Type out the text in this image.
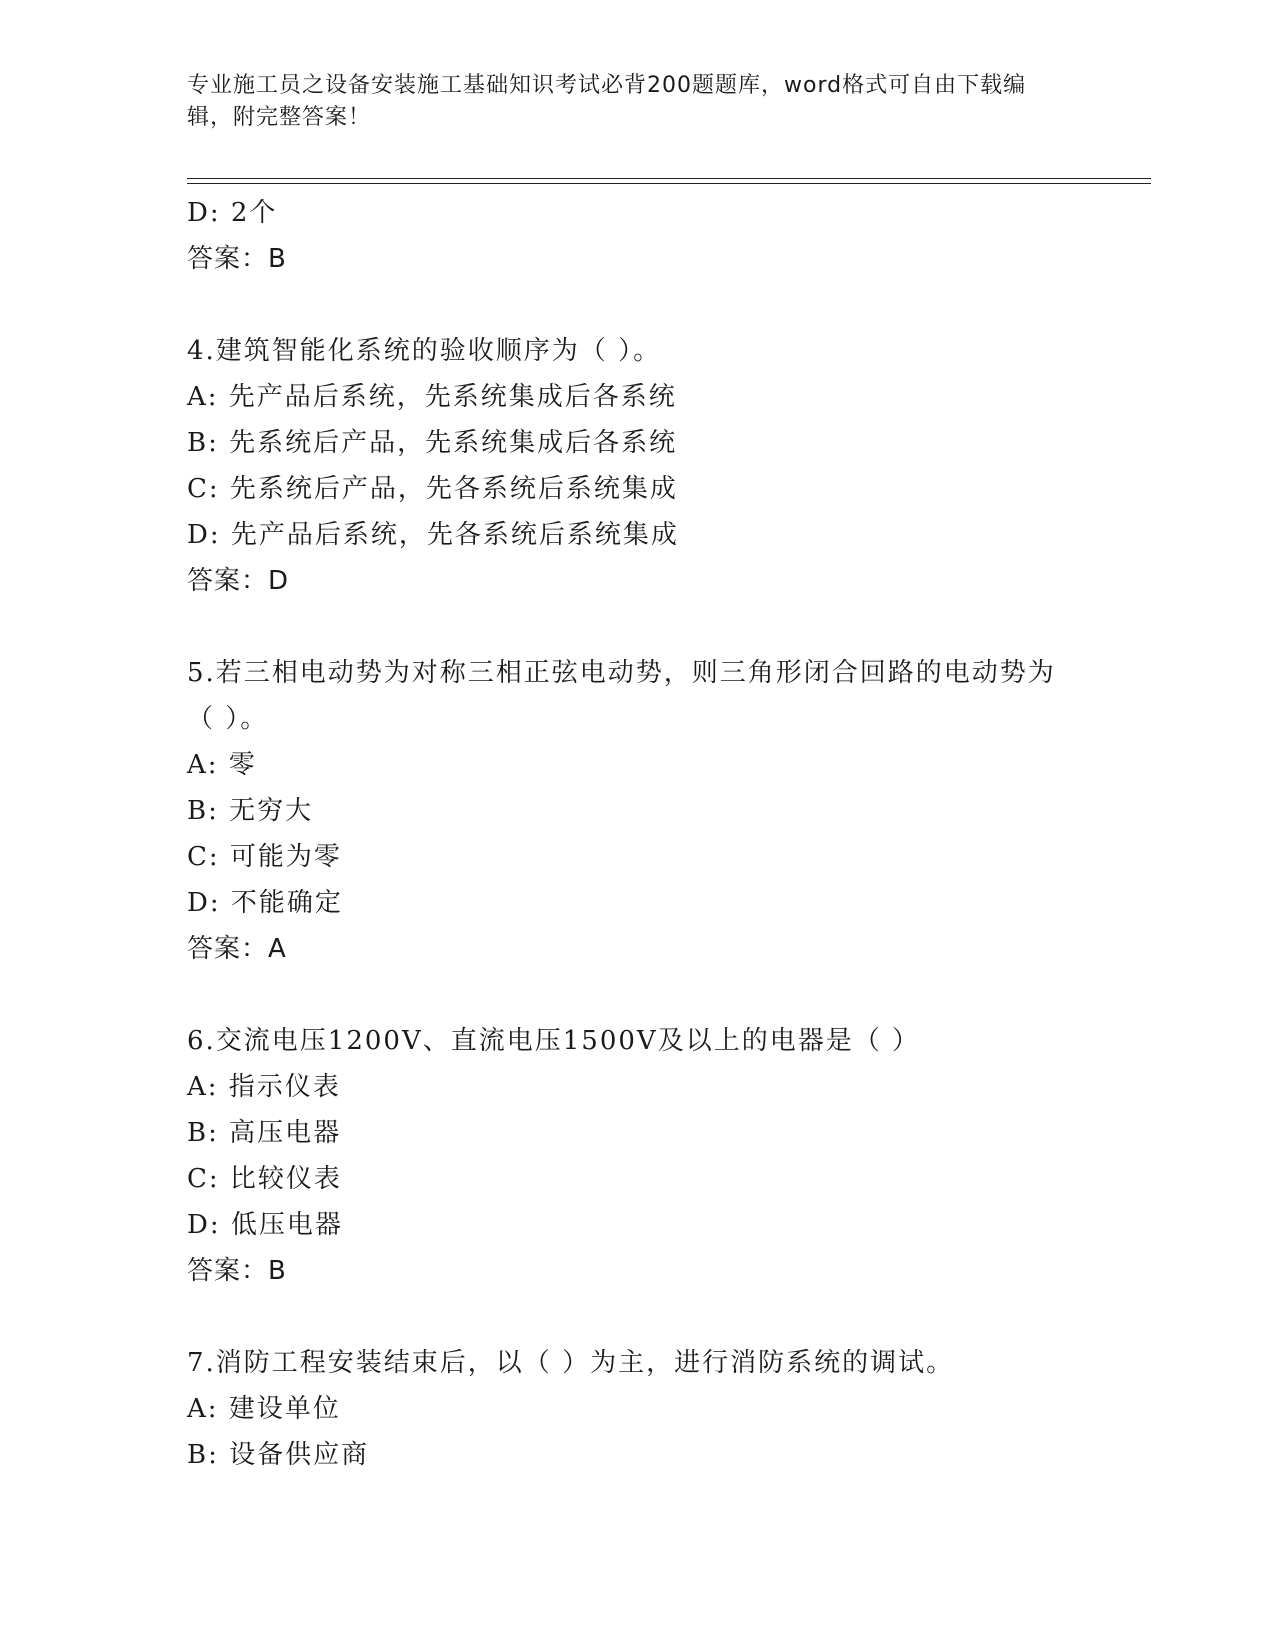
专业施工员之设备安装施工基础知识考试必背200题题库，word格式可自由下载编辑，附完整答案！
D: 2个
答案：B
4.建筑智能化系统的验收顺序为（ ）。
A: 先产品后系统，先系统集成后各系统
B: 先系统后产品，先系统集成后各系统
C: 先系统后产品，先各系统后系统集成
D: 先产品后系统，先各系统后系统集成
答案：D
5.若三相电动势为对称三相正弦电动势，则三角形闭合回路的电动势为（ ）。
A: 零
B: 无穷大
C: 可能为零
D: 不能确定
答案：A
6.交流电压1200V、直流电压1500V及以上的电器是（ ）
A: 指示仪表
B: 高压电器
C: 比较仪表
D: 低压电器
答案：B
7.消防工程安装结束后，以（ ）为主，进行消防系统的调试。
A: 建设单位
B: 设备供应商
